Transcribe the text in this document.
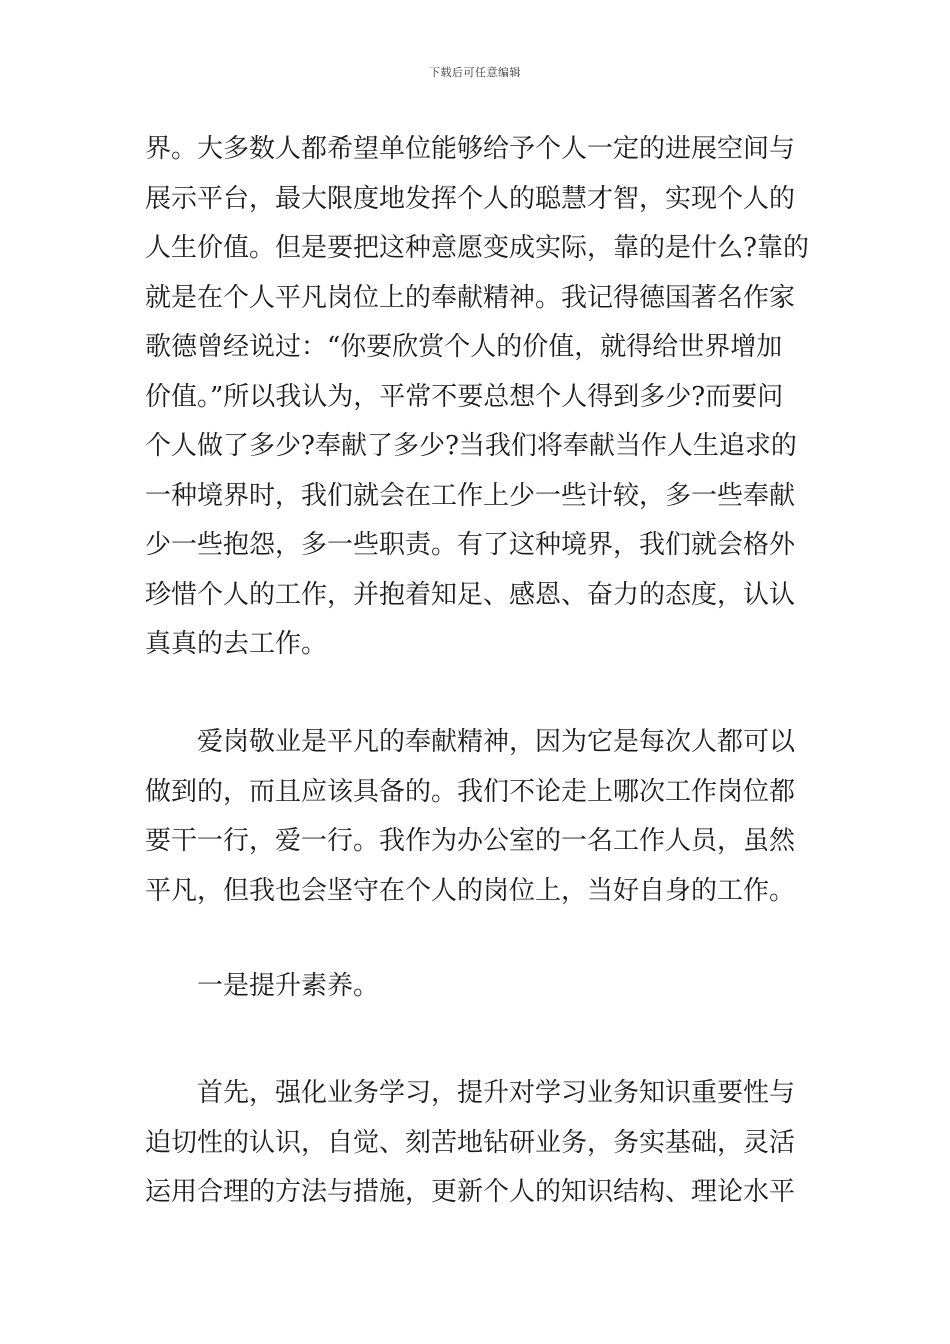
下载后可任意编辑
界。大多数人都希望单位能够给予个人一定的进展空间与
展示平台，最大限度地发挥个人的聪慧才智，实现个人的
人生价值。但是要把这种意愿变成实际，靠的是什么?靠的
就是在个人平凡岗位上的奉献精神。我记得德国著名作家
歌德曾经说过：“你要欣赏个人的价值，就得给世界增加
价值。”所以我认为，平常不要总想个人得到多少?而要问
个人做了多少?奉献了多少?当我们将奉献当作人生追求的
一种境界时，我们就会在工作上少一些计较，多一些奉献
少一些抱怨，多一些职责。有了这种境界，我们就会格外
珍惜个人的工作，并抱着知足、感恩、奋力的态度，认认
真真的去工作。
爱岗敬业是平凡的奉献精神，因为它是每次人都可以
做到的，而且应该具备的。我们不论走上哪次工作岗位都
要干一行，爱一行。我作为办公室的一名工作人员，虽然
平凡，但我也会坚守在个人的岗位上，当好自身的工作。
一是提升素养。
首先，强化业务学习，提升对学习业务知识重要性与
迫切性的认识，自觉、刻苦地钻研业务，务实基础，灵活
运用合理的方法与措施，更新个人的知识结构、理论水平
